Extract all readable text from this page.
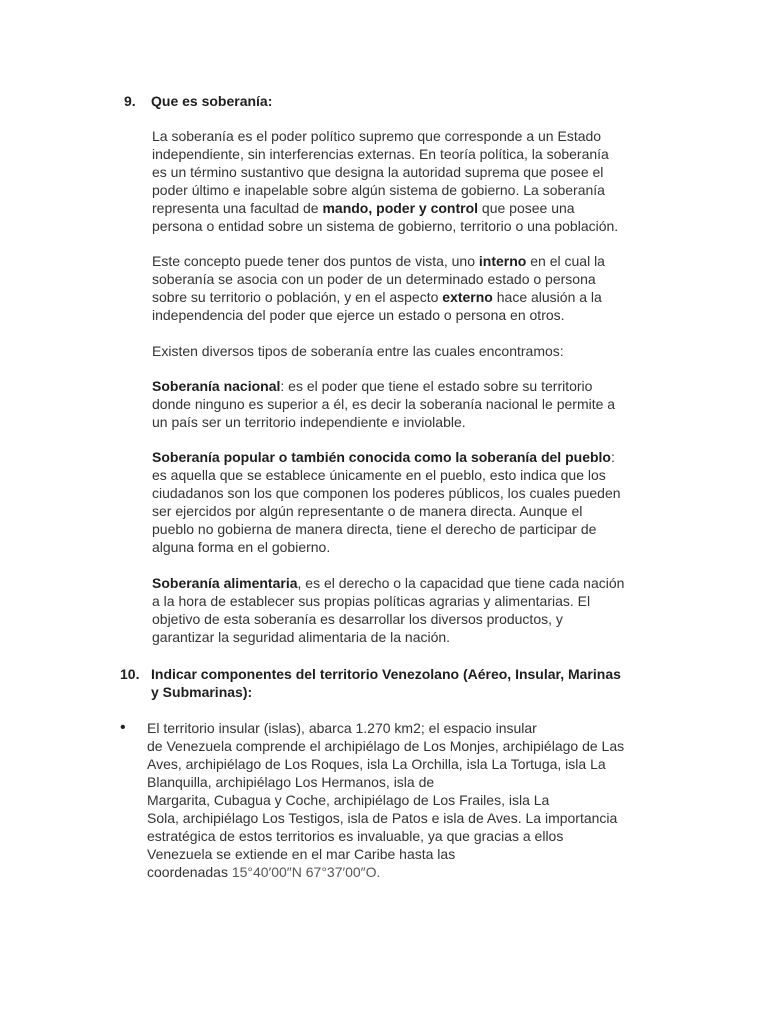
9. Que es soberanía:
La soberanía es el poder político supremo que corresponde a un Estado
independiente, sin interferencias externas. En teoría política, la soberanía
es un término sustantivo que designa la autoridad suprema que posee el
poder último e inapelable sobre algún sistema de gobierno. La soberanía
representa una facultad de mando, poder y control que posee una
persona o entidad sobre un sistema de gobierno, territorio o una población.
Este concepto puede tener dos puntos de vista, uno interno en el cual la
soberanía se asocia con un poder de un determinado estado o persona
sobre su territorio o población, y en el aspecto externo hace alusión a la
independencia del poder que ejerce un estado o persona en otros.
Existen diversos tipos de soberanía entre las cuales encontramos:
Soberanía nacional: es el poder que tiene el estado sobre su territorio
donde ninguno es superior a él, es decir la soberanía nacional le permite a
un país ser un territorio independiente e inviolable.
Soberanía popular o también conocida como la soberanía del pueblo:
es aquella que se establece únicamente en el pueblo, esto indica que los
ciudadanos son los que componen los poderes públicos, los cuales pueden
ser ejercidos por algún representante o de manera directa. Aunque el
pueblo no gobierna de manera directa, tiene el derecho de participar de
alguna forma en el gobierno.
Soberanía alimentaria, es el derecho o la capacidad que tiene cada nación
a la hora de establecer sus propias políticas agrarias y alimentarias. El
objetivo de esta soberanía es desarrollar los diversos productos, y
garantizar la seguridad alimentaria de la nación.
10. Indicar componentes del territorio Venezolano (Aéreo, Insular, Marinas
y Submarinas):
• El territorio insular (islas), abarca 1.270 km2; el espacio insular
de Venezuela comprende el archipiélago de Los Monjes, archipiélago de Las
Aves, archipiélago de Los Roques, isla La Orchilla, isla La Tortuga, isla La
Blanquilla, archipiélago Los Hermanos, isla de
Margarita, Cubagua y Coche, archipiélago de Los Frailes, isla La
Sola, archipiélago Los Testigos, isla de Patos e isla de Aves. La importancia
estratégica de estos territorios es invaluable, ya que gracias a ellos
Venezuela se extiende en el mar Caribe hasta las
coordenadas 15°40′00″N 67°37′00″O.
